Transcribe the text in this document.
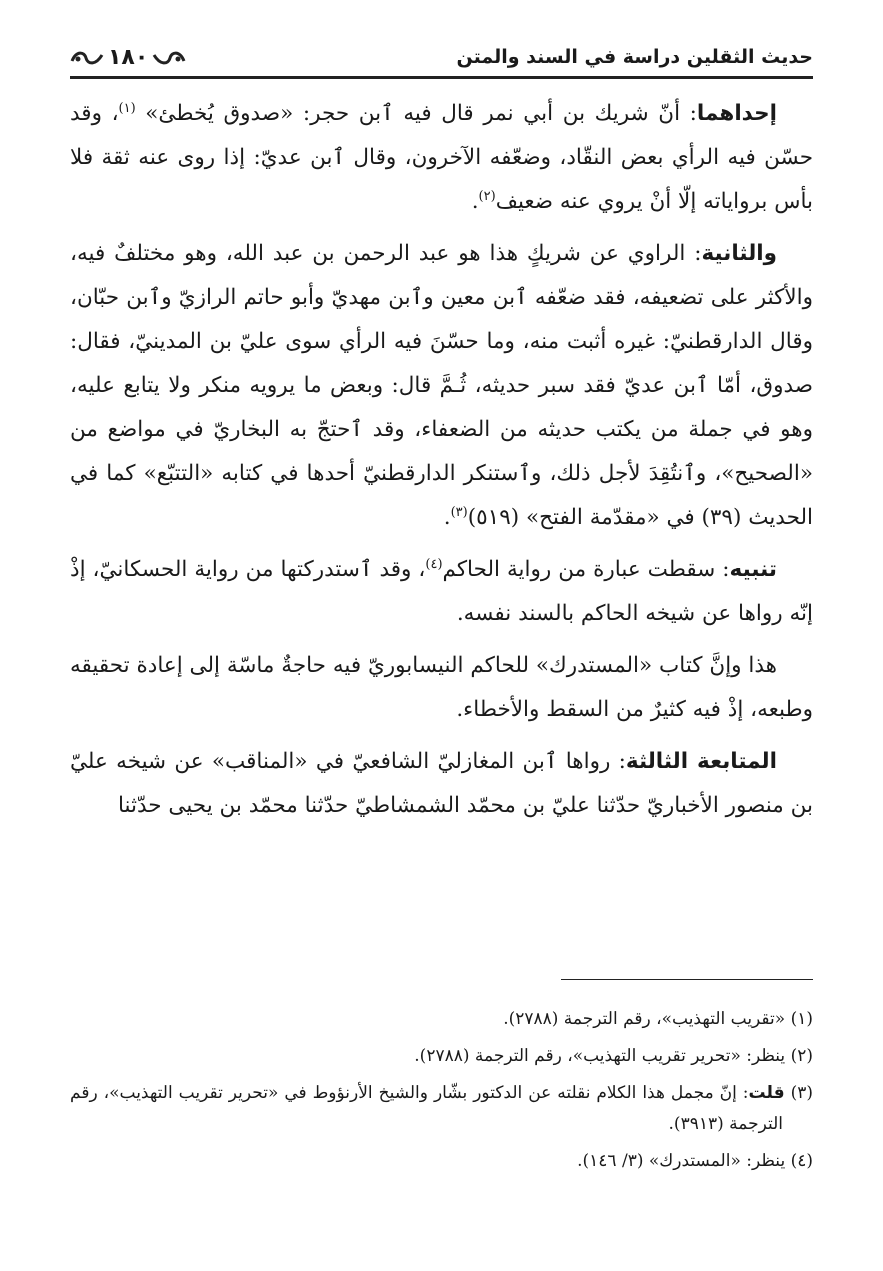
١٨٠	حديث الثقلين دراسة في السند والمتن

إحداهما: أنّ شريك بن أبي نمر قال فيه ٱبن حجر: «صدوق يُخطئ» $^{(١)}$، وقد حسّن فيه الرأي بعض النقّاد، وضعّفه الآخرون، وقال ٱبن عديّ: إذا روى عنه ثقة فلا بأس برواياته إلّا أنْ يروي عنه ضعيف$^{(٢)}$.

والثانية: الراوي عن شريكٍ هذا هو عبد الرحمن بن عبد الله، وهو مختلفٌ فيه، والأكثر على تضعيفه، فقد ضعّفه ٱبن معين وٱبن مهديّ وأبو حاتم الرازيّ وٱبن حبّان، وقال الدارقطنيّ: غيره أثبت منه، وما حسّنَ فيه الرأي سوى عليّ بن المدينيّ، فقال: صدوق، أمّا ٱبن عديّ فقد سبر حديثه، ثُـمَّ قال: وبعض ما يرويه منكر ولا يتابع عليه، وهو في جملة من يكتب حديثه من الضعفاء، وقد ٱحتجّ به البخاريّ في مواضع من «الصحيح»، وٱنتُقِدَ لأجل ذلك، وٱستنكر الدارقطنيّ أحدها في كتابه «التتبّع» كما في الحديث (٣٩) في «مقدّمة الفتح» (٥١٩)$^{(٣)}$.

تنبيه: سقطت عبارة من رواية الحاكم$^{(٤)}$، وقد ٱستدركتها من رواية الحسكانيّ، إذْ إنّه رواها عن شيخه الحاكم بالسند نفسه.

هذا وإنَّ كتاب «المستدرك» للحاكم النيسابوريّ فيه حاجةٌ ماسّة إلى إعادة تحقيقه وطبعه، إذْ فيه كثيرٌ من السقط والأخطاء.

المتابعة الثالثة: رواها ٱبن المغازليّ الشافعيّ في «المناقب» عن شيخه عليّ بن منصور الأخباريّ حدّثنا عليّ بن محمّد الشمشاطيّ حدّثنا محمّد بن يحيى حدّثنا

(١) «تقريب التهذيب»، رقم الترجمة (٢٧٨٨).
(٢) ينظر: «تحرير تقريب التهذيب»، رقم الترجمة (٢٧٨٨).
(٣) قلت: إنّ مجمل هذا الكلام نقلته عن الدكتور بشّار والشيخ الأرنؤوط في «تحرير تقريب التهذيب»، رقم الترجمة (٣٩١٣).
(٤) ينظر: «المستدرك» (٣/ ١٤٦).
